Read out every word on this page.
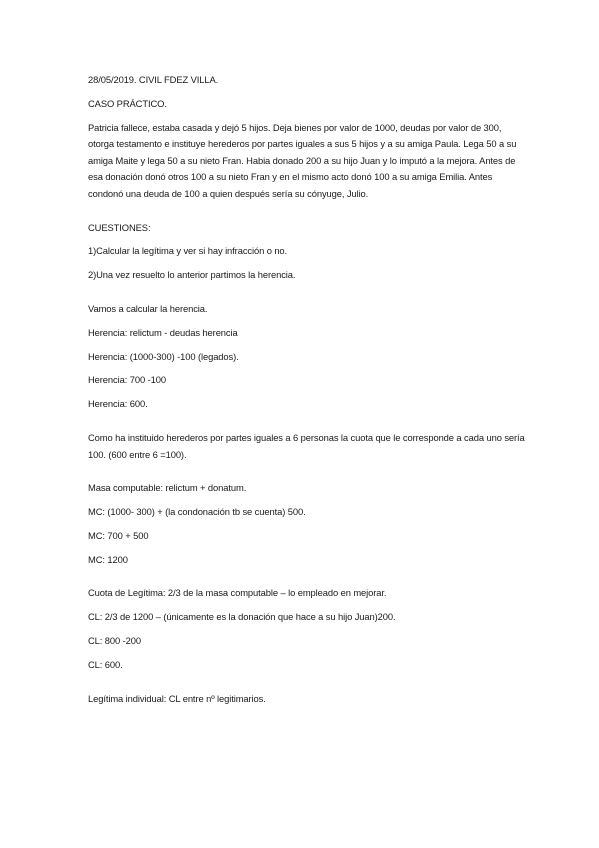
28/05/2019. CIVIL FDEZ VILLA.

CASO PRÁCTICO.

Patricia fallece, estaba casada y dejó 5 hijos. Deja bienes por valor de 1000, deudas por valor de 300, otorga testamento e instituye herederos por partes iguales a sus 5 hijos y a su amiga Paula. Lega 50 a su amiga Maite y lega 50 a su nieto Fran. Habia donado 200 a su hijo Juan y lo imputó a la mejora. Antes de esa donación donó otros 100 a su nieto Fran y en el mismo acto donó 100 a su amiga Emilia. Antes condonó una deuda de 100 a quien después sería su cónyuge, Julio.

CUESTIONES:

1)Calcular la legítima y ver si hay infracción o no.

2)Una vez resuelto lo anterior partimos la herencia.

Vamos a calcular la herencia.

Herencia: relictum - deudas herencia

Herencia: (1000-300) -100 (legados).

Herencia: 700 -100

Herencia: 600.

Como ha instituido herederos por partes iguales a 6 personas la cuota que le corresponde a cada uno sería 100. (600 entre 6 =100).

Masa computable: relictum + donatum.

MC: (1000- 300) + (la condonación tb se cuenta) 500.

MC: 700 + 500

MC: 1200

Cuota de Legítima: 2/3 de la masa computable – lo empleado en mejorar.

CL: 2/3 de 1200 – (únicamente es la donación que hace a su hijo Juan)200.

CL: 800 -200

CL: 600.

Legítima individual: CL entre nº legitimarios.
